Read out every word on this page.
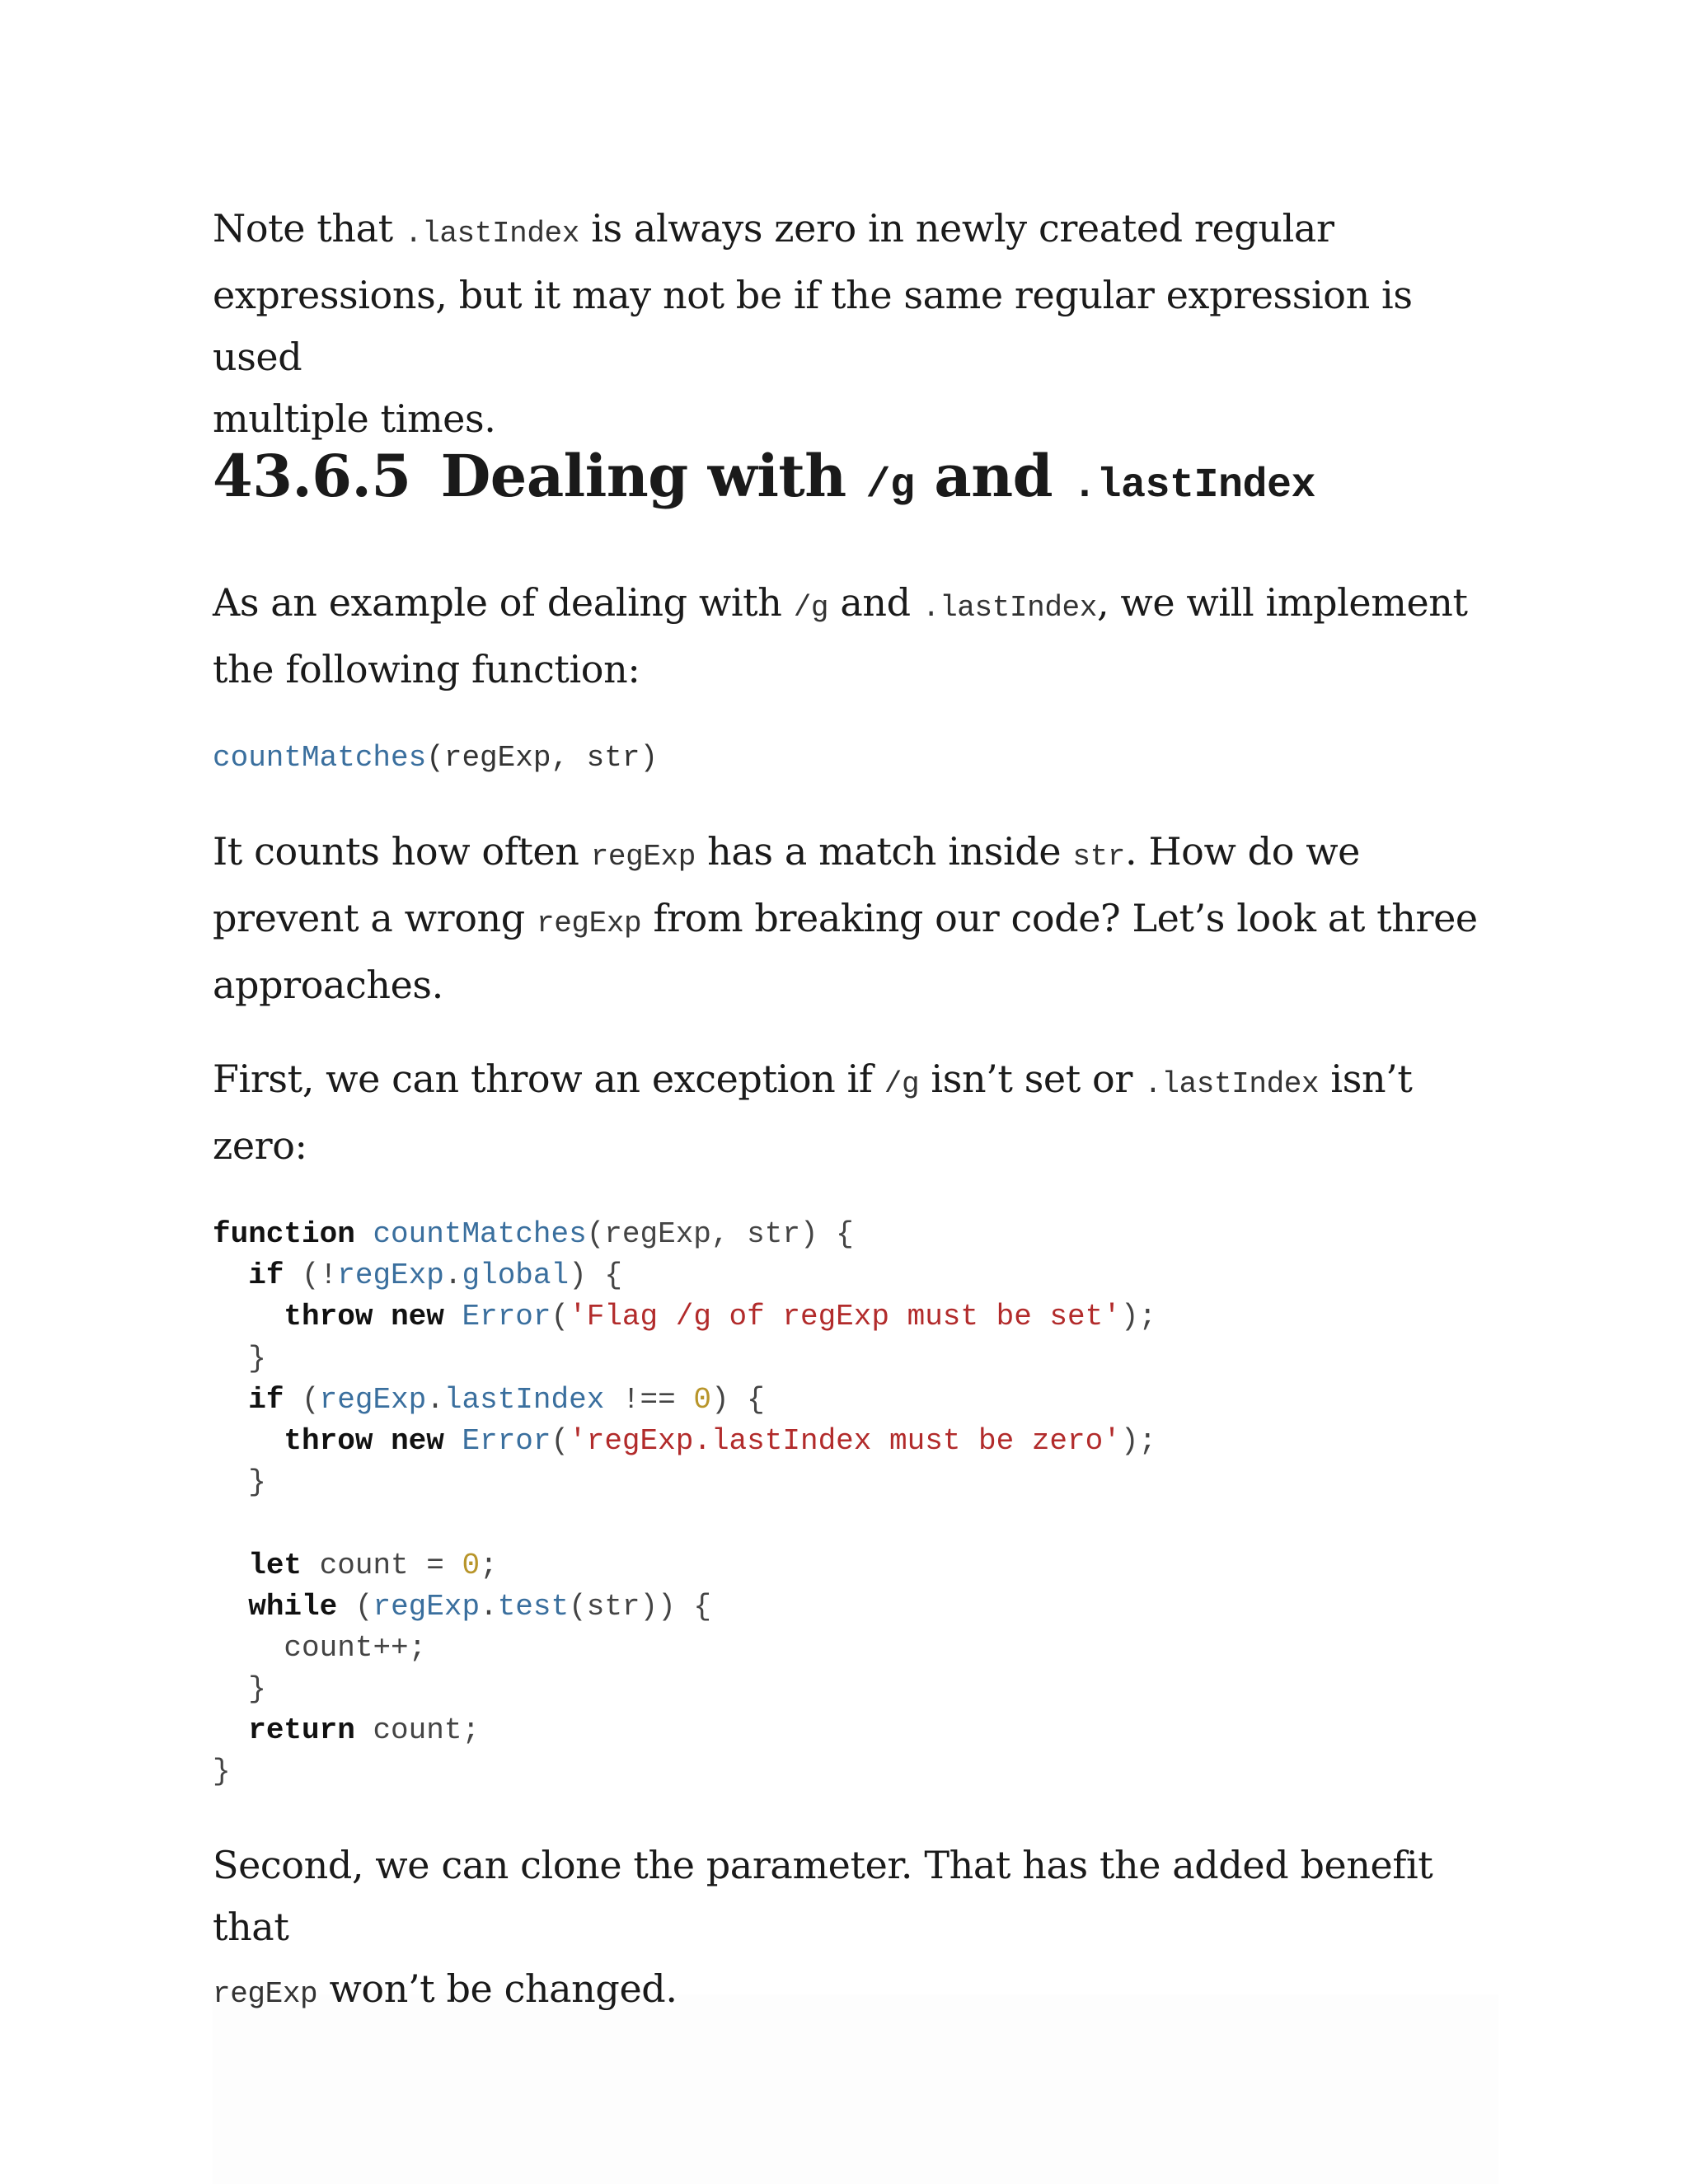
Note that .lastIndex is always zero in newly created regular
expressions, but it may not be if the same regular expression is used
multiple times.
43.6.5 Dealing with /g and .lastIndex
As an example of dealing with /g and .lastIndex, we will implement
the following function:
countMatches(regExp, str)
It counts how often regExp has a match inside str. How do we
prevent a wrong regExp from breaking our code? Let’s look at three
approaches.
First, we can throw an exception if /g isn’t set or .lastIndex isn’t
zero:
function countMatches(regExp, str) {
if (!regExp.global) {
throw new Error('Flag /g of regExp must be set');
}
if (regExp.lastIndex !== 0) {
throw new Error('regExp.lastIndex must be zero');
}

let count = 0;
while (regExp.test(str)) {
count++;
}
return count;
}
Second, we can clone the parameter. That has the added benefit that
regExp won’t be changed.
